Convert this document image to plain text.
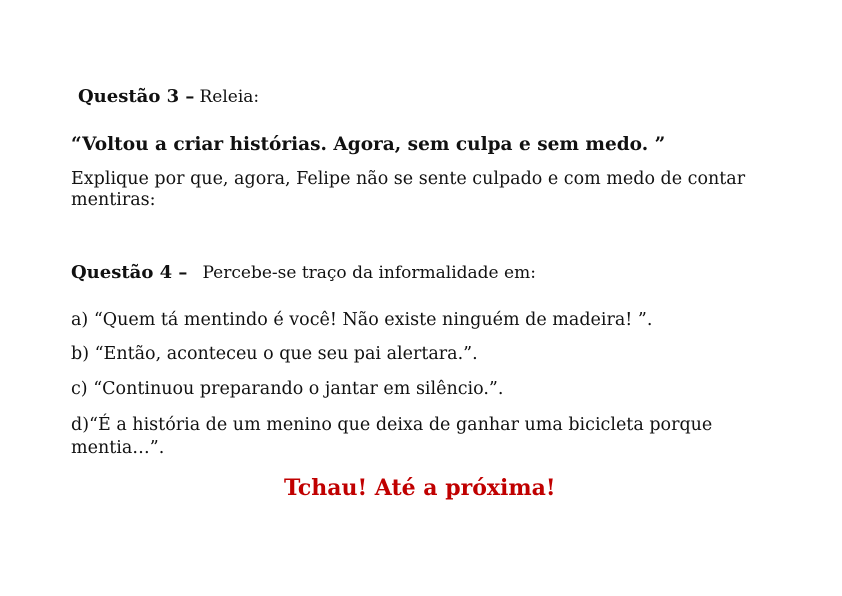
Questão 3 – Releia:
“Voltou a criar histórias. Agora, sem culpa e sem medo. ”
Explique por que, agora, Felipe não se sente culpado e com medo de contar
mentiras:
Questão 4 – Percebe-se traço da informalidade em:
a) “Quem tá mentindo é você! Não existe ninguém de madeira! ”.
b) “Então, aconteceu o que seu pai alertara.”.
c) “Continuou preparando o jantar em silêncio.”.
d)“É a história de um menino que deixa de ganhar uma bicicleta porque
mentia…”.
Tchau! Até a próxima!
